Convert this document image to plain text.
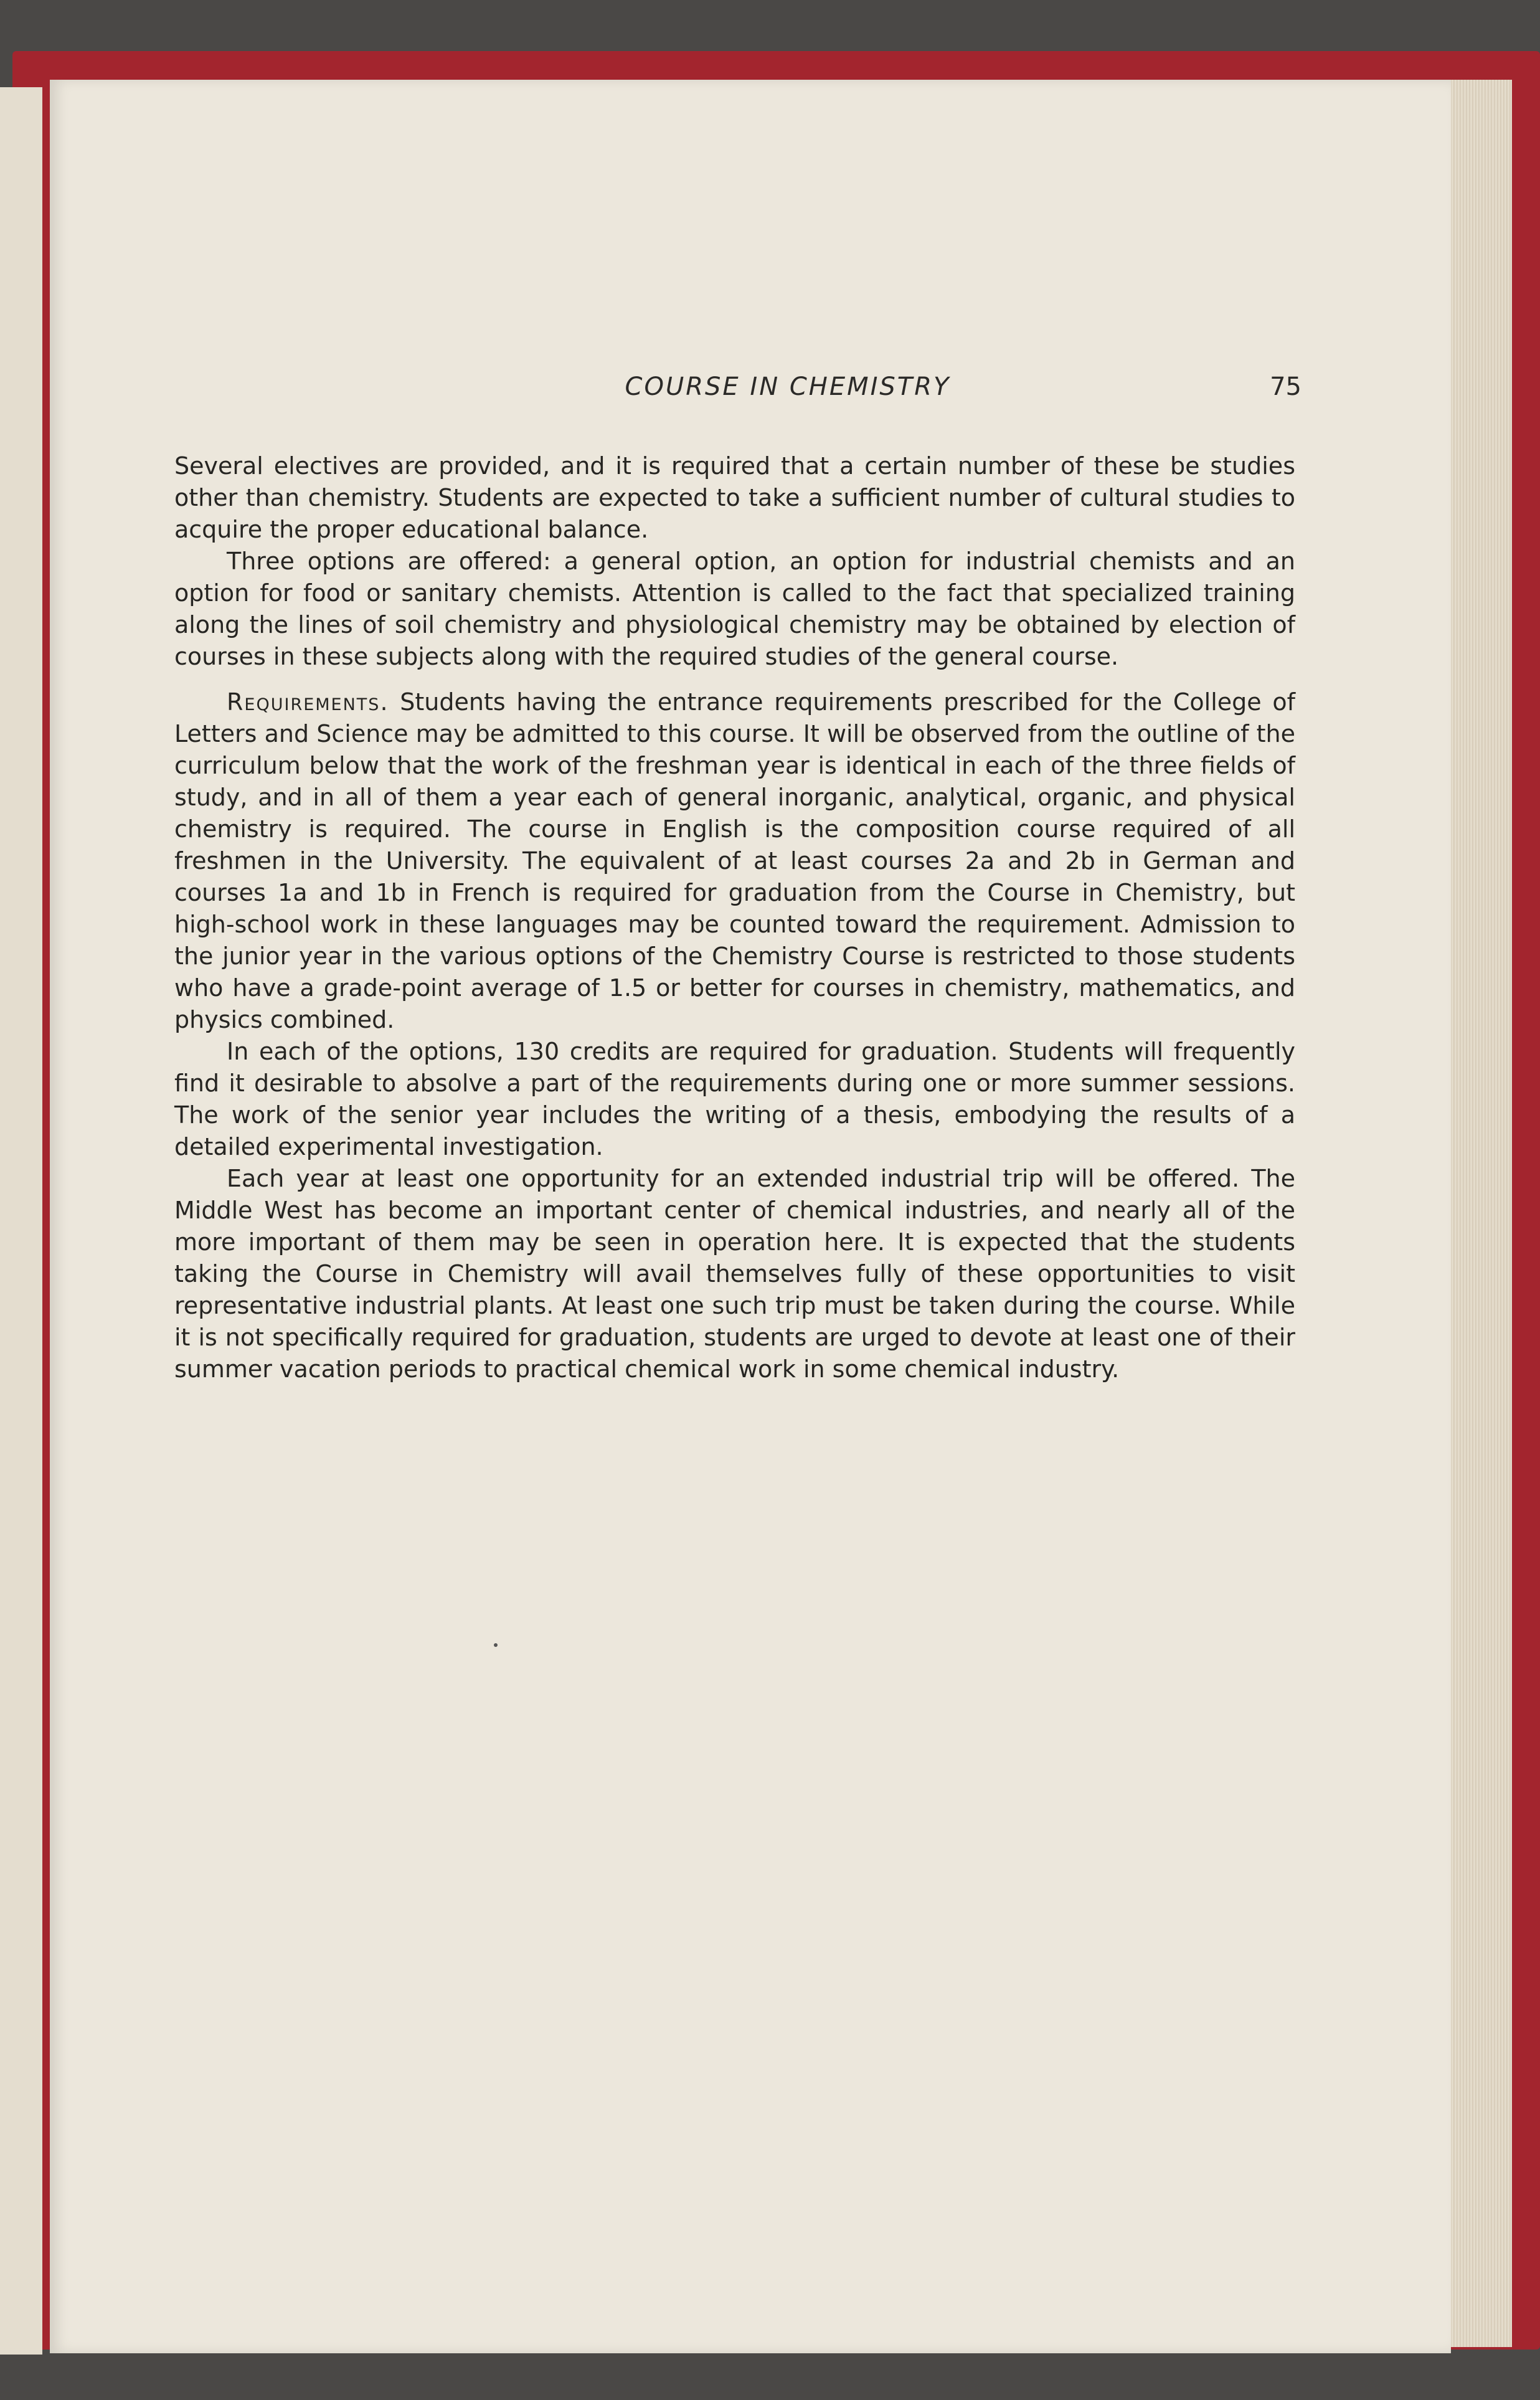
COURSE IN CHEMISTRY	75

Several electives are provided, and it is required that a certain number of these be studies other than chemistry. Students are expected to take a sufficient number of cultural studies to acquire the proper educational balance.

Three options are offered: a general option, an option for industrial chemists and an option for food or sanitary chemists. Attention is called to the fact that specialized training along the lines of soil chemistry and physiological chemistry may be obtained by election of courses in these subjects along with the required studies of the general course.

Requirements. Students having the entrance requirements prescribed for the College of Letters and Science may be admitted to this course. It will be observed from the outline of the curriculum below that the work of the freshman year is identical in each of the three fields of study, and in all of them a year each of general inorganic, analytical, organic, and physical chemistry is required. The course in English is the composition course required of all freshmen in the University. The equivalent of at least courses 2a and 2b in German and courses 1a and 1b in French is required for graduation from the Course in Chemistry, but high-school work in these languages may be counted toward the requirement. Admission to the junior year in the various options of the Chemistry Course is restricted to those students who have a grade-point average of 1.5 or better for courses in chemistry, mathematics, and physics combined.

In each of the options, 130 credits are required for graduation. Students will frequently find it desirable to absolve a part of the requirements during one or more summer sessions. The work of the senior year includes the writing of a thesis, embodying the results of a detailed experimental investigation.

Each year at least one opportunity for an extended industrial trip will be offered. The Middle West has become an important center of chemical industries, and nearly all of the more important of them may be seen in operation here. It is expected that the students taking the Course in Chemistry will avail themselves fully of these opportunities to visit representative industrial plants. At least one such trip must be taken during the course. While it is not specifically required for graduation, students are urged to devote at least one of their summer vacation periods to practical chemical work in some chemical industry.
